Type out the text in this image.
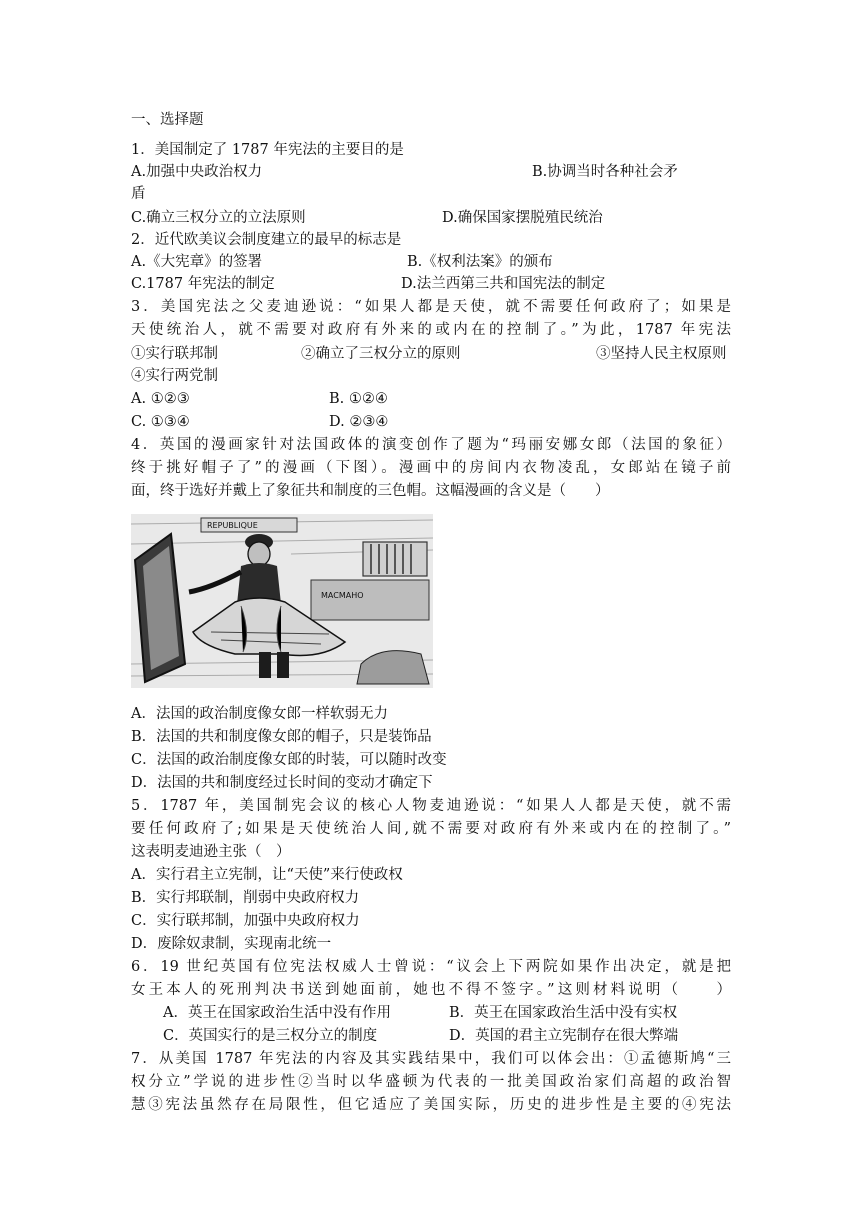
一、选择题
1．美国制定了 1787 年宪法的主要目的是
A.加强中央政治权力	B.协调当时各种社会矛
盾
C.确立三权分立的立法原则	D.确保国家摆脱殖民统治
2．近代欧美议会制度建立的最早的标志是
A.《大宪章》的签署	B.《权利法案》的颁布
C.1787 年宪法的制定	D.法兰西第三共和国宪法的制定
3．美国宪法之父麦迪逊说：“如果人都是天使，就不需要任何政府了；如果是
天使统治人，就不需要对政府有外来的或内在的控制了。”为此，1787 年宪法
①实行联邦制	②确立了三权分立的原则	③坚持人民主权原则
④实行两党制
A. ①②③	B. ①②④
C. ①③④	D. ②③④
4．英国的漫画家针对法国政体的演变创作了题为“玛丽安娜女郎（法国的象征）
终于挑好帽子了”的漫画（下图）。漫画中的房间内衣物凌乱，女郎站在镜子前
面，终于选好并戴上了象征共和制度的三色帽。这幅漫画的含义是（　　）
MACMAHO
REPUBLIQUE
A．法国的政治制度像女郎一样软弱无力
B．法国的共和制度像女郎的帽子，只是装饰品
C．法国的政治制度像女郎的时装，可以随时改变
D．法国的共和制度经过长时间的变动才确定下
5．1787 年，美国制宪会议的核心人物麦迪逊说：“如果人人都是天使，就不需
要任何政府了;如果是天使统治人间,就不需要对政府有外来或内在的控制了。”
这表明麦迪逊主张（　）
A．实行君主立宪制，让“天使”来行使政权
B．实行邦联制，削弱中央政府权力
C．实行联邦制，加强中央政府权力
D．废除奴隶制，实现南北统一
6．19 世纪英国有位宪法权威人士曾说：“议会上下两院如果作出决定，就是把
女王本人的死刑判决书送到她面前，她也不得不签字。”这则材料说明（　　）
A．英王在国家政治生活中没有作用	B．英王在国家政治生活中没有实权
C．英国实行的是三权分立的制度	D．英国的君主立宪制存在很大弊端
7．从美国 1787 年宪法的内容及其实践结果中，我们可以体会出：①孟德斯鸠“三
权分立”学说的进步性②当时以华盛顿为代表的一批美国政治家们高超的政治智
慧③宪法虽然存在局限性，但它适应了美国实际，历史的进步性是主要的④宪法
